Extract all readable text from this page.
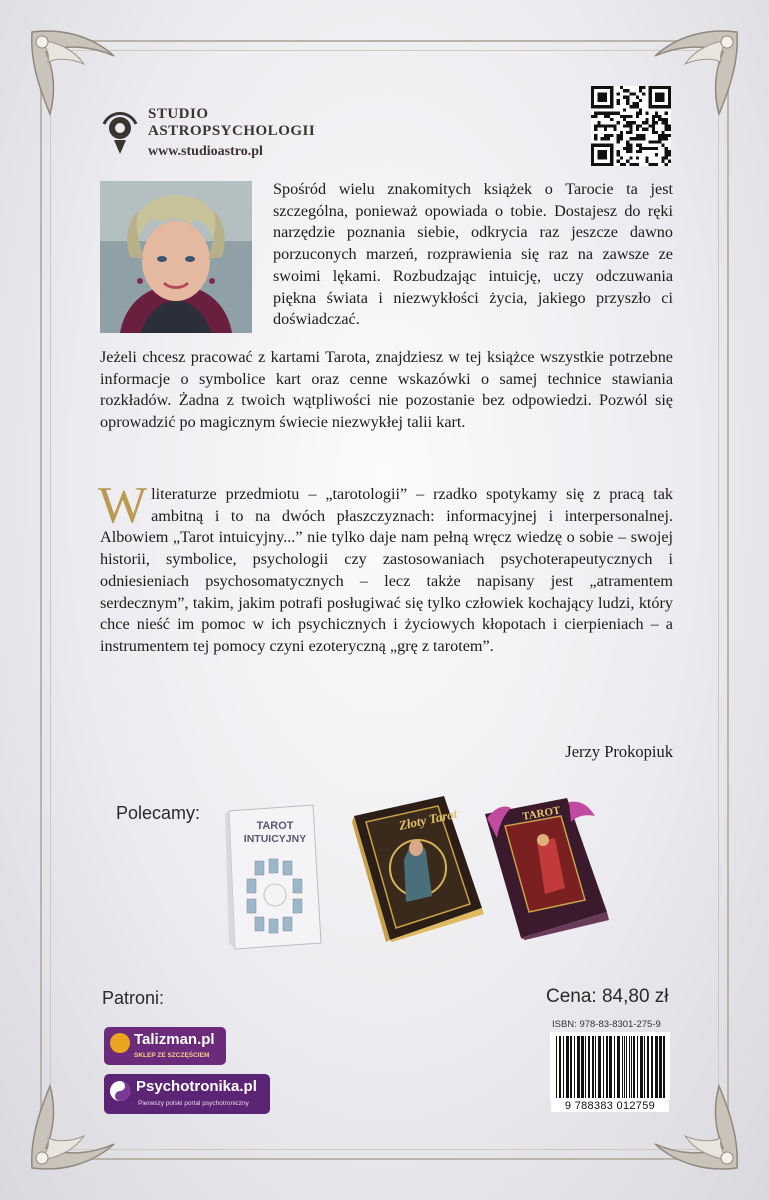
STUDIO
ASTROPSYCHOLOGII
www.studioastro.pl
Spośród wielu znakomitych książek o Tarocie ta jest szczególna, ponieważ opowiada o tobie. Dostajesz do ręki narzędzie poznania siebie, odkrycia raz jeszcze dawno porzuconych marzeń, rozprawienia się raz na zawsze ze swoimi lękami. Rozbudzając intuicję, uczy odczuwania piękna świata i niezwykłości życia, jakiego przyszło ci doświadczać.
Jeżeli chcesz pracować z kartami Tarota, znajdziesz w tej książce wszystkie potrzebne informacje o symbolice kart oraz cenne wskazówki o samej technice stawiania rozkładów. Żadna z twoich wątpliwości nie pozostanie bez odpowiedzi. Pozwól się oprowadzić po magicznym świecie niezwykłej talii kart.
Wliteraturze przedmiotu – „tarotologii” – rzadko spotykamy się z pracą tak ambitną i to na dwóch płaszczyznach: informacyjnej i interpersonalnej. Albowiem „Tarot intuicyjny...” nie tylko daje nam pełną wręcz wiedzę o sobie – swojej historii, symbolice, psychologii czy zastosowaniach psychoterapeutycznych i odniesieniach psychosomatycznych – lecz także napisany jest „atramentem serdecznym”, takim, jakim potrafi posługiwać się tylko człowiek kochający ludzi, który chce nieść im pomoc w ich psychicznych i życiowych kłopotach i cierpieniach – a instrumentem tej pomocy czyni ezoteryczną „grę z tarotem”.
Jerzy Prokopiuk
Polecamy:
TAROT
INTUICYJNY
Złoty Tarot	TAROT
Patroni:
Talizman.pl
SKLEP ZE SZCZĘŚCIEM
Psychotronika.pl
Pierwszy polski portal psychotroniczny
Cena: 84,80 zł
ISBN: 978-83-8301-275-9
9 788383 012759
